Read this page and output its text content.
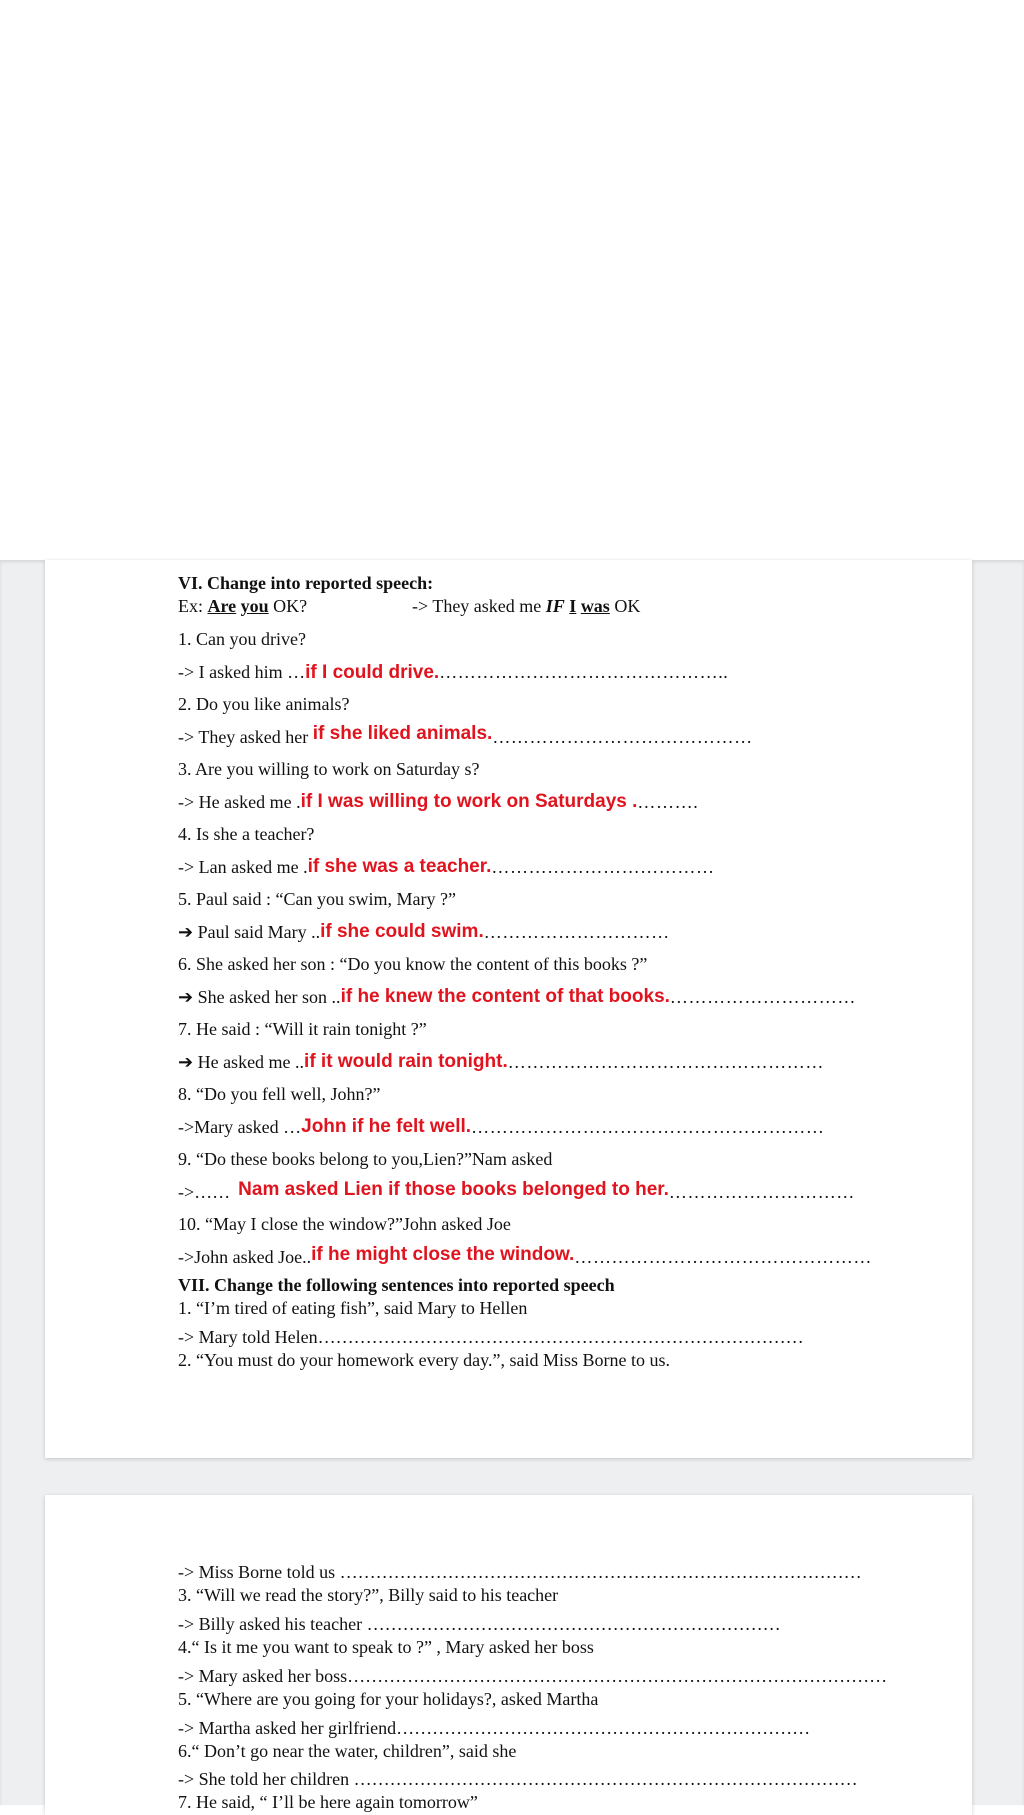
VI. Change into reported speech:
Ex: Are you OK?	-> They asked me IF I was OK
1. Can you drive?
-> I asked him …if I could drive.………………………………………..
2. Do you like animals?
-> They asked her if she liked animals.……………………………………
3. Are you willing to work on Saturday s?
-> He asked me .if I was willing to work on Saturdays .……….
4. Is she a teacher?
-> Lan asked me .if she was a teacher.………………………………
5. Paul said : “Can you swim, Mary ?”
➔ Paul said Mary ..if she could swim.…………………………
6. She asked her son : “Do you know the content of this books ?”
➔ She asked her son ..if he knew the content of that books.…………………………
7. He said : “Will it rain tonight ?”
➔ He asked me ..if it would rain tonight.……………………………………………
8. “Do you fell well, John?”
->Mary asked …John if he felt well.…………………………………………………
9. “Do these books belong to you,Lien?”Nam asked
->…… Nam asked Lien if those books belonged to her.…………………………
10. “May I close the window?”John asked Joe
->John asked Joe..if he might close the window.…………………………………………
VII. Change the following sentences into reported speech
1. “I’m tired of eating fish”, said Mary to Hellen
-> Mary told Helen………………………………………………………………………
2. “You must do your homework every day.”, said Miss Borne to us.
-> Miss Borne told us ……………………………………………………………………………
3. “Will we read the story?”, Billy said to his teacher
-> Billy asked his teacher ……………………………………………………………
4.“ Is it me you want to speak to ?” , Mary asked her boss
-> Mary asked her boss………………………………………………………………………………
5. “Where are you going for your holidays?, asked Martha
-> Martha asked her girlfriend……………………………………………………………
6.“ Don’t go near the water, children”, said she
-> She told her children …………………………………………………………………………
7. He said, “ I’ll be here again tomorrow”
